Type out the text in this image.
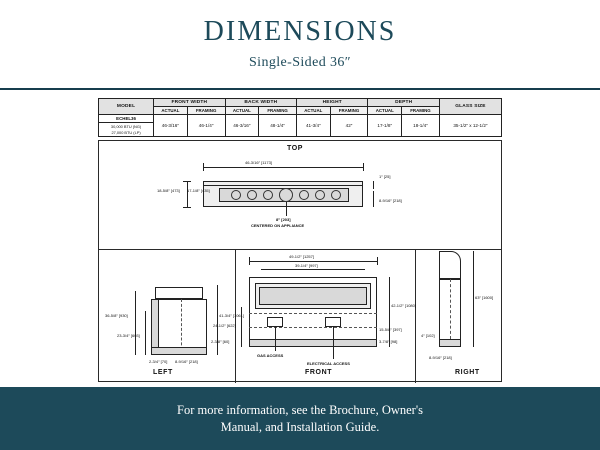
DIMENSIONS
Single-Sided 36″
MODEL	FRONT WIDTH		BACK WIDTH		HEIGHT		DEPTH		GLASS SIZE
	ACTUAL	FRAMING	ACTUAL	FRAMING	ACTUAL	FRAMING	ACTUAL	FRAMING	
ECHEL36	46-3/16″	46-1/4″	46-3/16″	48-1/4″	41-3/4″	42″	17-1/8″	18-1/4″	35-1/2″ x 12-1/2″
30,000 BTU (NG)
27,000 BTU (LP)									
TOP
46-3/16″ [1173]
18-5/8″ [473] 17-1/8″ [435]
1″ [25]
8-9/16″ [218]
8″ [203]
CENTERED ON APPLIANCE
LEFT
36-5/8″ [930]
23-3/4″ [603]
41-3/4″ [1061]
2-3/8″ [60]
2-3/4″ [70] 8-9/16″ [218]
FRONT
49-1/2″ [1257]
39-1/4″ [997]
42-1/2″ [1080]
24-1/2″ [622]
15-5/8″ [397]
3-7/8″ [98]
GAS ACCESS
ELECTRICAL ACCESS
RIGHT
63″ [1600]
4″ [102]
8-9/16″ [218]
For more information, see the Brochure, Owner's
Manual, and Installation Guide.
